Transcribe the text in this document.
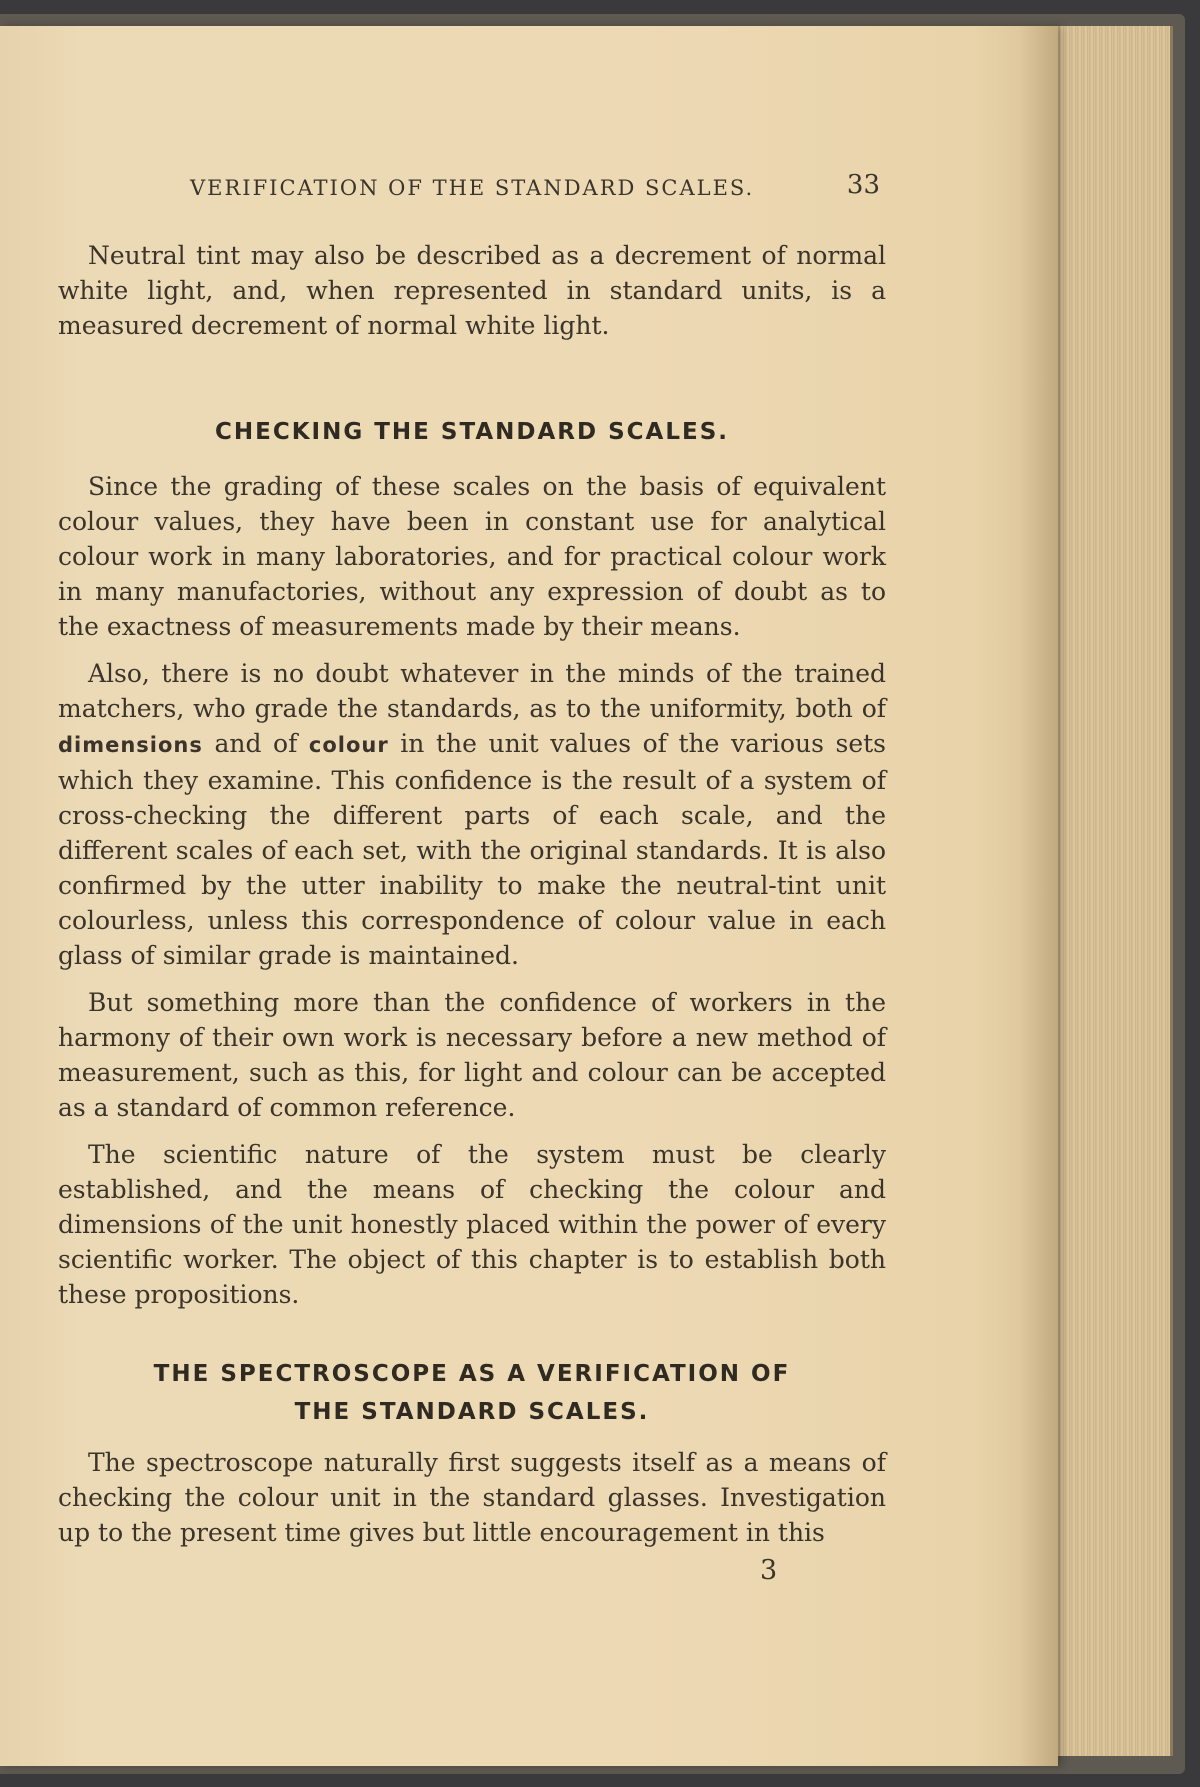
VERIFICATION OF THE STANDARD SCALES.	33

Neutral tint may also be described as a decrement of normal white light, and, when represented in standard units, is a measured decrement of normal white light.

CHECKING THE STANDARD SCALES.

Since the grading of these scales on the basis of equivalent colour values, they have been in constant use for analytical colour work in many laboratories, and for practical colour work in many manufactories, without any expression of doubt as to the exactness of measurements made by their means.

Also, there is no doubt whatever in the minds of the trained matchers, who grade the standards, as to the uniformity, both of dimensions and of colour in the unit values of the various sets which they examine. This confidence is the result of a system of cross-checking the different parts of each scale, and the different scales of each set, with the original standards. It is also confirmed by the utter inability to make the neutral-tint unit colourless, unless this correspondence of colour value in each glass of similar grade is maintained.

But something more than the confidence of workers in the harmony of their own work is necessary before a new method of measurement, such as this, for light and colour can be accepted as a standard of common reference.

The scientific nature of the system must be clearly established, and the means of checking the colour and dimensions of the unit honestly placed within the power of every scientific worker. The object of this chapter is to establish both these propositions.

THE SPECTROSCOPE AS A VERIFICATION OF
THE STANDARD SCALES.

The spectroscope naturally first suggests itself as a means of checking the colour unit in the standard glasses. Investigation up to the present time gives but little encouragement in this

3
